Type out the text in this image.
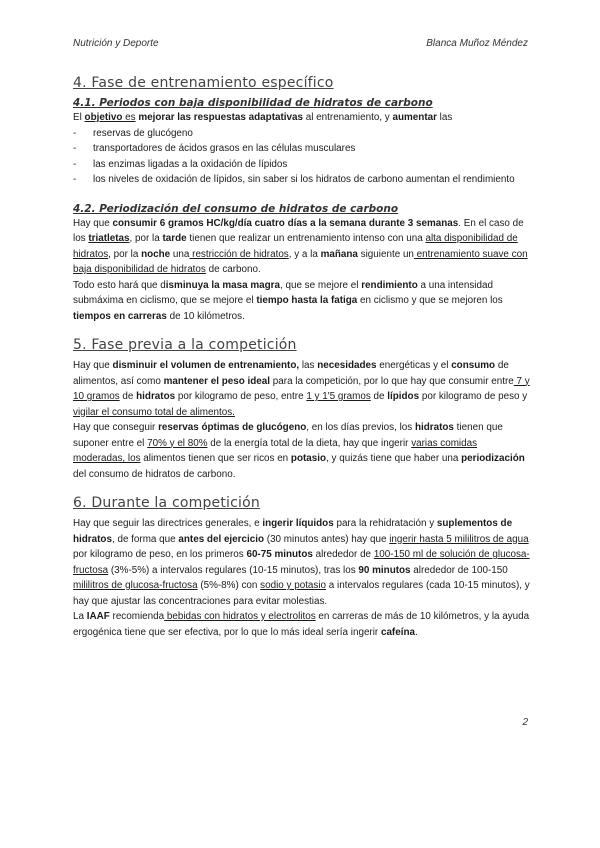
Nutrición y Deporte	Blanca Muñoz Méndez
4. Fase de entrenamiento específico
4.1. Periodos con baja disponibilidad de hidratos de carbono

El objetivo es mejorar las respuestas adaptativas al entrenamiento, y aumentar las

- reservas de glucógeno
- transportadores de ácidos grasos en las células musculares
- las enzimas ligadas a la oxidación de lípidos
- los niveles de oxidación de lípidos, sin saber si los hidratos de carbono aumentan el rendimiento
4.2. Periodización del consumo de hidratos de carbono

Hay que consumir 6 gramos HC/kg/día cuatro días a la semana durante 3 semanas. En el caso de los triatletas, por la tarde tienen que realizar un entrenamiento intenso con una alta disponibilidad de hidratos, por la noche una restricción de hidratos, y a la mañana siguiente un entrenamiento suave con baja disponibilidad de hidratos de carbono.
Todo esto hará que disminuya la masa magra, que se mejore el rendimiento a una intensidad submáxima en ciclismo, que se mejore el tiempo hasta la fatiga en ciclismo y que se mejoren los tiempos en carreras de 10 kilómetros.

5. Fase previa a la competición

Hay que disminuir el volumen de entrenamiento, las necesidades energéticas y el consumo de alimentos, así como mantener el peso ideal para la competición, por lo que hay que consumir entre 7 y 10 gramos de hidratos por kilogramo de peso, entre 1 y 1'5 gramos de lípidos por kilogramo de peso y vigilar el consumo total de alimentos.
Hay que conseguir reservas óptimas de glucógeno, en los días previos, los hidratos tienen que suponer entre el 70% y el 80% de la energía total de la dieta, hay que ingerir varias comidas moderadas, los alimentos tienen que ser ricos en potasio, y quizás tiene que haber una periodización del consumo de hidratos de carbono.

6. Durante la competición

Hay que seguir las directrices generales, e ingerir líquidos para la rehidratación y suplementos de hidratos, de forma que antes del ejercicio (30 minutos antes) hay que ingerir hasta 5 mililitros de agua por kilogramo de peso, en los primeros 60-75 minutos alrededor de 100-150 ml de solución de glucosa-fructosa (3%-5%) a intervalos regulares (10-15 minutos), tras los 90 minutos alrededor de 100-150 mililitros de glucosa-fructosa (5%-8%) con sodio y potasio a intervalos regulares (cada 10-15 minutos), y hay que ajustar las concentraciones para evitar molestias.
La IAAF recomienda bebidas con hidratos y electrolitos en carreras de más de 10 kilómetros, y la ayuda ergogénica tiene que ser efectiva, por lo que lo más ideal sería ingerir cafeína.

2
